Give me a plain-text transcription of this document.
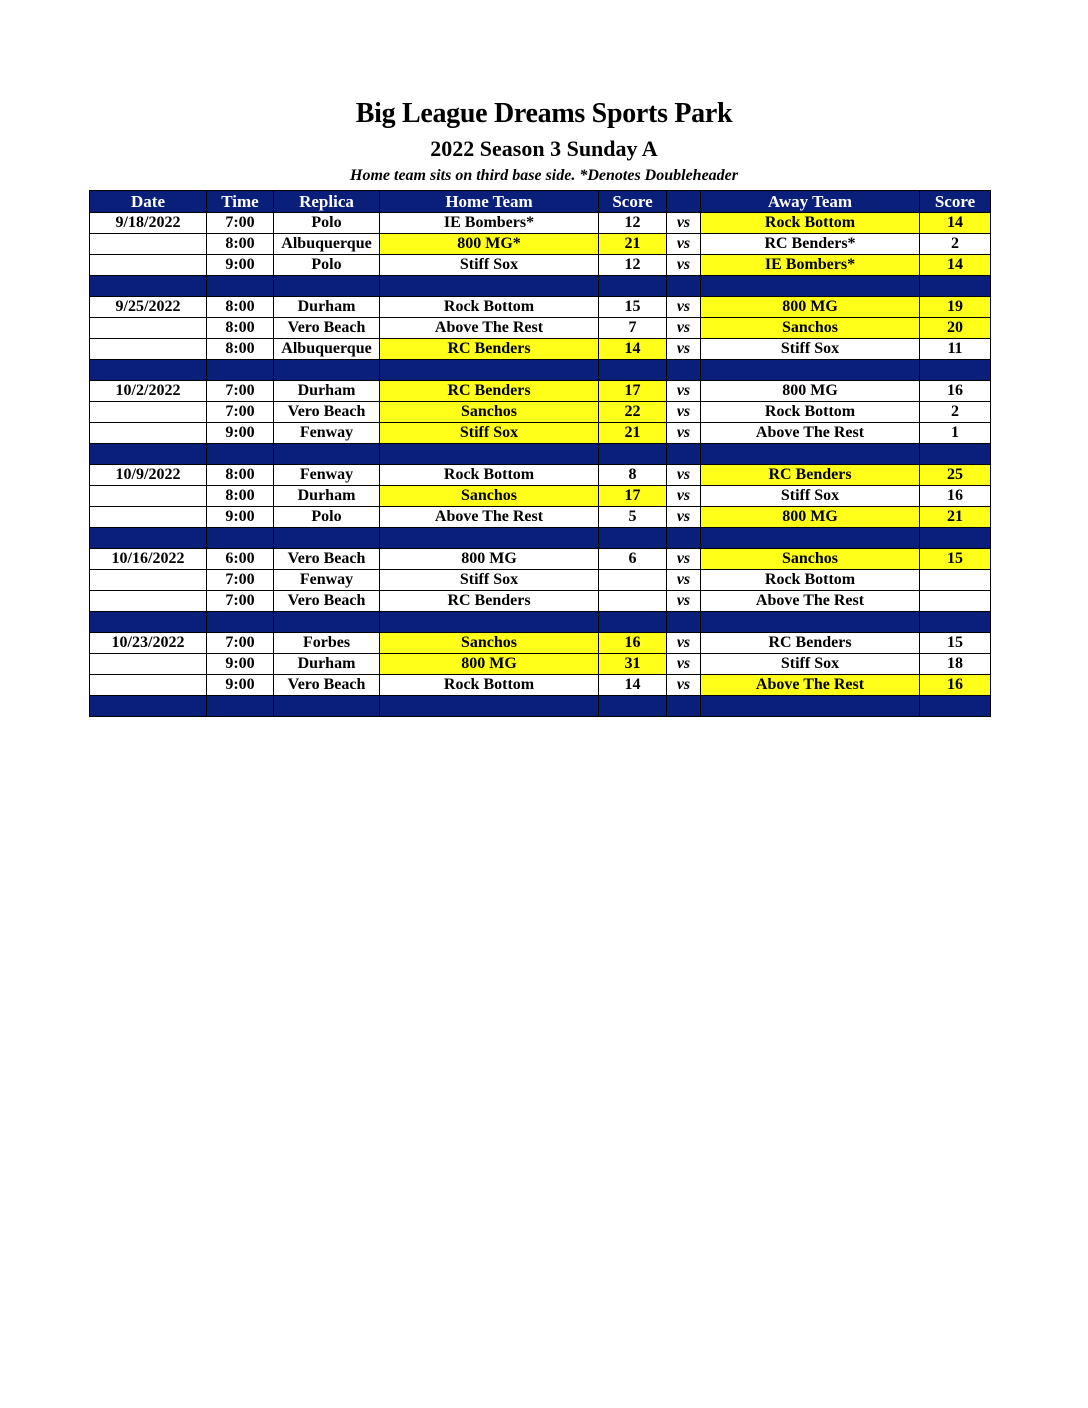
Big League Dreams Sports Park
2022 Season 3 Sunday A
Home team sits on third base side. *Denotes Doubleheader
Date	Time	Replica	Home Team	Score		Away Team	Score
9/18/2022	7:00	Polo	IE Bombers*	12	vs	Rock Bottom	14
	8:00	Albuquerque	800 MG*	21	vs	RC Benders*	2
	9:00	Polo	Stiff Sox	12	vs	IE Bombers*	14

9/25/2022	8:00	Durham	Rock Bottom	15	vs	800 MG	19
	8:00	Vero Beach	Above The Rest	7	vs	Sanchos	20
	8:00	Albuquerque	RC Benders	14	vs	Stiff Sox	11

10/2/2022	7:00	Durham	RC Benders	17	vs	800 MG	16
	7:00	Vero Beach	Sanchos	22	vs	Rock Bottom	2
	9:00	Fenway	Stiff Sox	21	vs	Above The Rest	1

10/9/2022	8:00	Fenway	Rock Bottom	8	vs	RC Benders	25
	8:00	Durham	Sanchos	17	vs	Stiff Sox	16
	9:00	Polo	Above The Rest	5	vs	800 MG	21

10/16/2022	6:00	Vero Beach	800 MG	6	vs	Sanchos	15
	7:00	Fenway	Stiff Sox		vs	Rock Bottom	
	7:00	Vero Beach	RC Benders		vs	Above The Rest	

10/23/2022	7:00	Forbes	Sanchos	16	vs	RC Benders	15
	9:00	Durham	800 MG	31	vs	Stiff Sox	18
	9:00	Vero Beach	Rock Bottom	14	vs	Above The Rest	16
